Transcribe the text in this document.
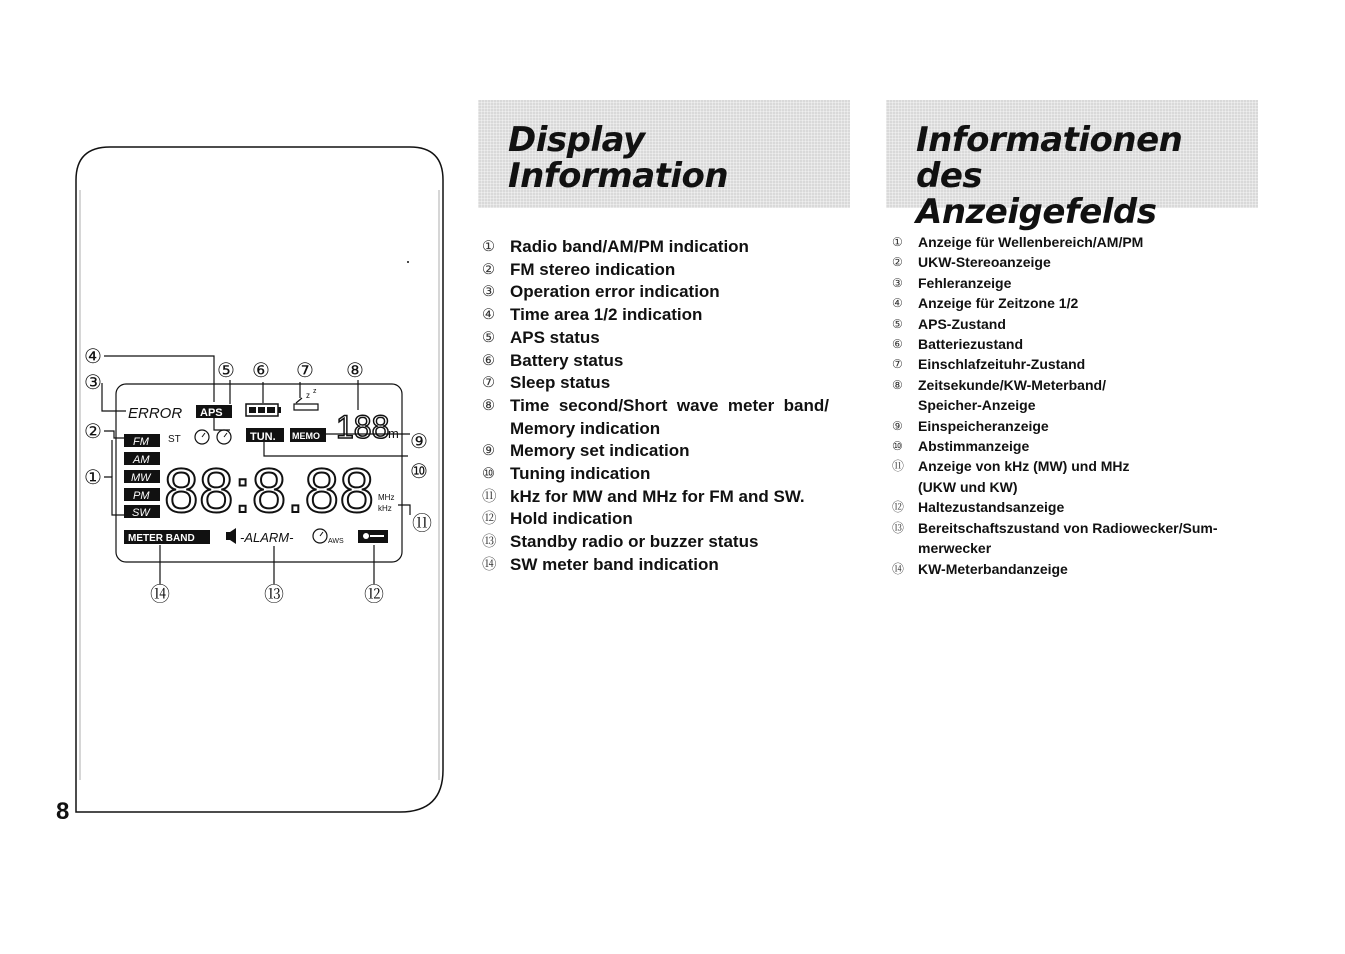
ERROR APS
z z
188
m
FM
AM
MW
PM
SW
ST	TUN. MEMO
88:8.88 MHz
kHz
METER BAND	-ALARM-	AWS
④
③
②
①
⑤ ⑥ ⑦ ⑧
⑨
⑩
⑪
⑭	⑬	⑫
8
Display
Information
Informationen des
Anzeigefelds
① Radio band/AM/PM indication
② FM stereo indication
③ Operation error indication
④ Time area 1/2 indication
⑤ APS status
⑥ Battery status
⑦ Sleep status
⑧ Time  second/Short  wave  meter  band/
Memory indication
⑨ Memory set indication
⑩ Tuning indication
⑪ kHz for MW and MHz for FM and SW.
⑫ Hold indication
⑬ Standby radio or buzzer status
⑭ SW meter band indication
① Anzeige für Wellenbereich/AM/PM
② UKW-Stereoanzeige
③ Fehleranzeige
④ Anzeige für Zeitzone 1/2
⑤ APS-Zustand
⑥ Batteriezustand
⑦ Einschlafzeituhr-Zustand
⑧ Zeitsekunde/KW-Meterband/
Speicher-Anzeige
⑨ Einspeicheranzeige
⑩ Abstimmanzeige
⑪ Anzeige von kHz (MW) und MHz
(UKW und KW)
⑫ Haltezustandsanzeige
⑬ Bereitschaftszustand von Radiowecker/Sum-
merwecker
⑭ KW-Meterbandanzeige
